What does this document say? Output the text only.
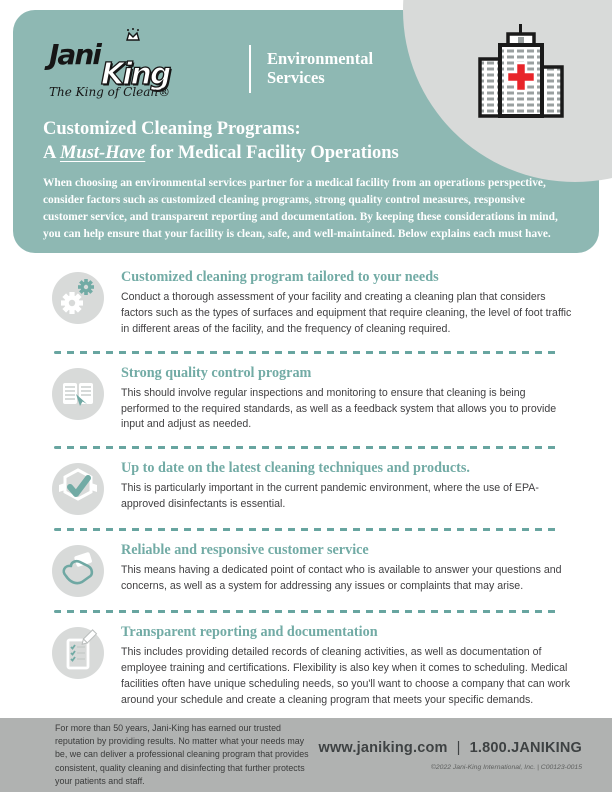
Jani
King
The King of Clean®
Environmental
Services
Customized Cleaning Programs:
A Must-Have for Medical Facility Operations

When choosing an environmental services partner for a medical facility from an operations perspective, consider factors such as customized cleaning programs, strong quality control measures, responsive customer service, and transparent reporting and documentation. By keeping these considerations in mind, you can help ensure that your facility is clean, safe, and well-maintained. Below explains each must have.

Customized cleaning program tailored to your needs

Conduct a thorough assessment of your facility and creating a cleaning plan that considers factors such as the types of surfaces and equipment that require cleaning, the level of foot traffic in different areas of the facility, and the frequency of cleaning required.

Strong quality control program

This should involve regular inspections and monitoring to ensure that cleaning is being performed to the required standards, as well as a feedback system that allows you to provide input and adjust as needed.

Up to date on the latest cleaning techniques and products.

This is particularly important in the current pandemic environment, where the use of EPA-approved disinfectants is essential.

Reliable and responsive customer service

This means having a dedicated point of contact who is available to answer your questions and concerns, as well as a system for addressing any issues or complaints that may arise.

Transparent reporting and documentation

This includes providing detailed records of cleaning activities, as well as documentation of employee training and certifications. Flexibility is also key when it comes to scheduling. Medical facilities often have unique scheduling needs, so you'll want to choose a company that can work around your schedule and create a cleaning program that meets your specific demands.

For more than 50 years, Jani-King has earned our trusted reputation by providing results. No matter what your needs may be, we can deliver a professional cleaning program that provides consistent, quality cleaning and disinfecting that further protects your patients and staff.

www.janiking.com | 1.800.JANIKING
©2022 Jani-King International, Inc. | C00123-0015
